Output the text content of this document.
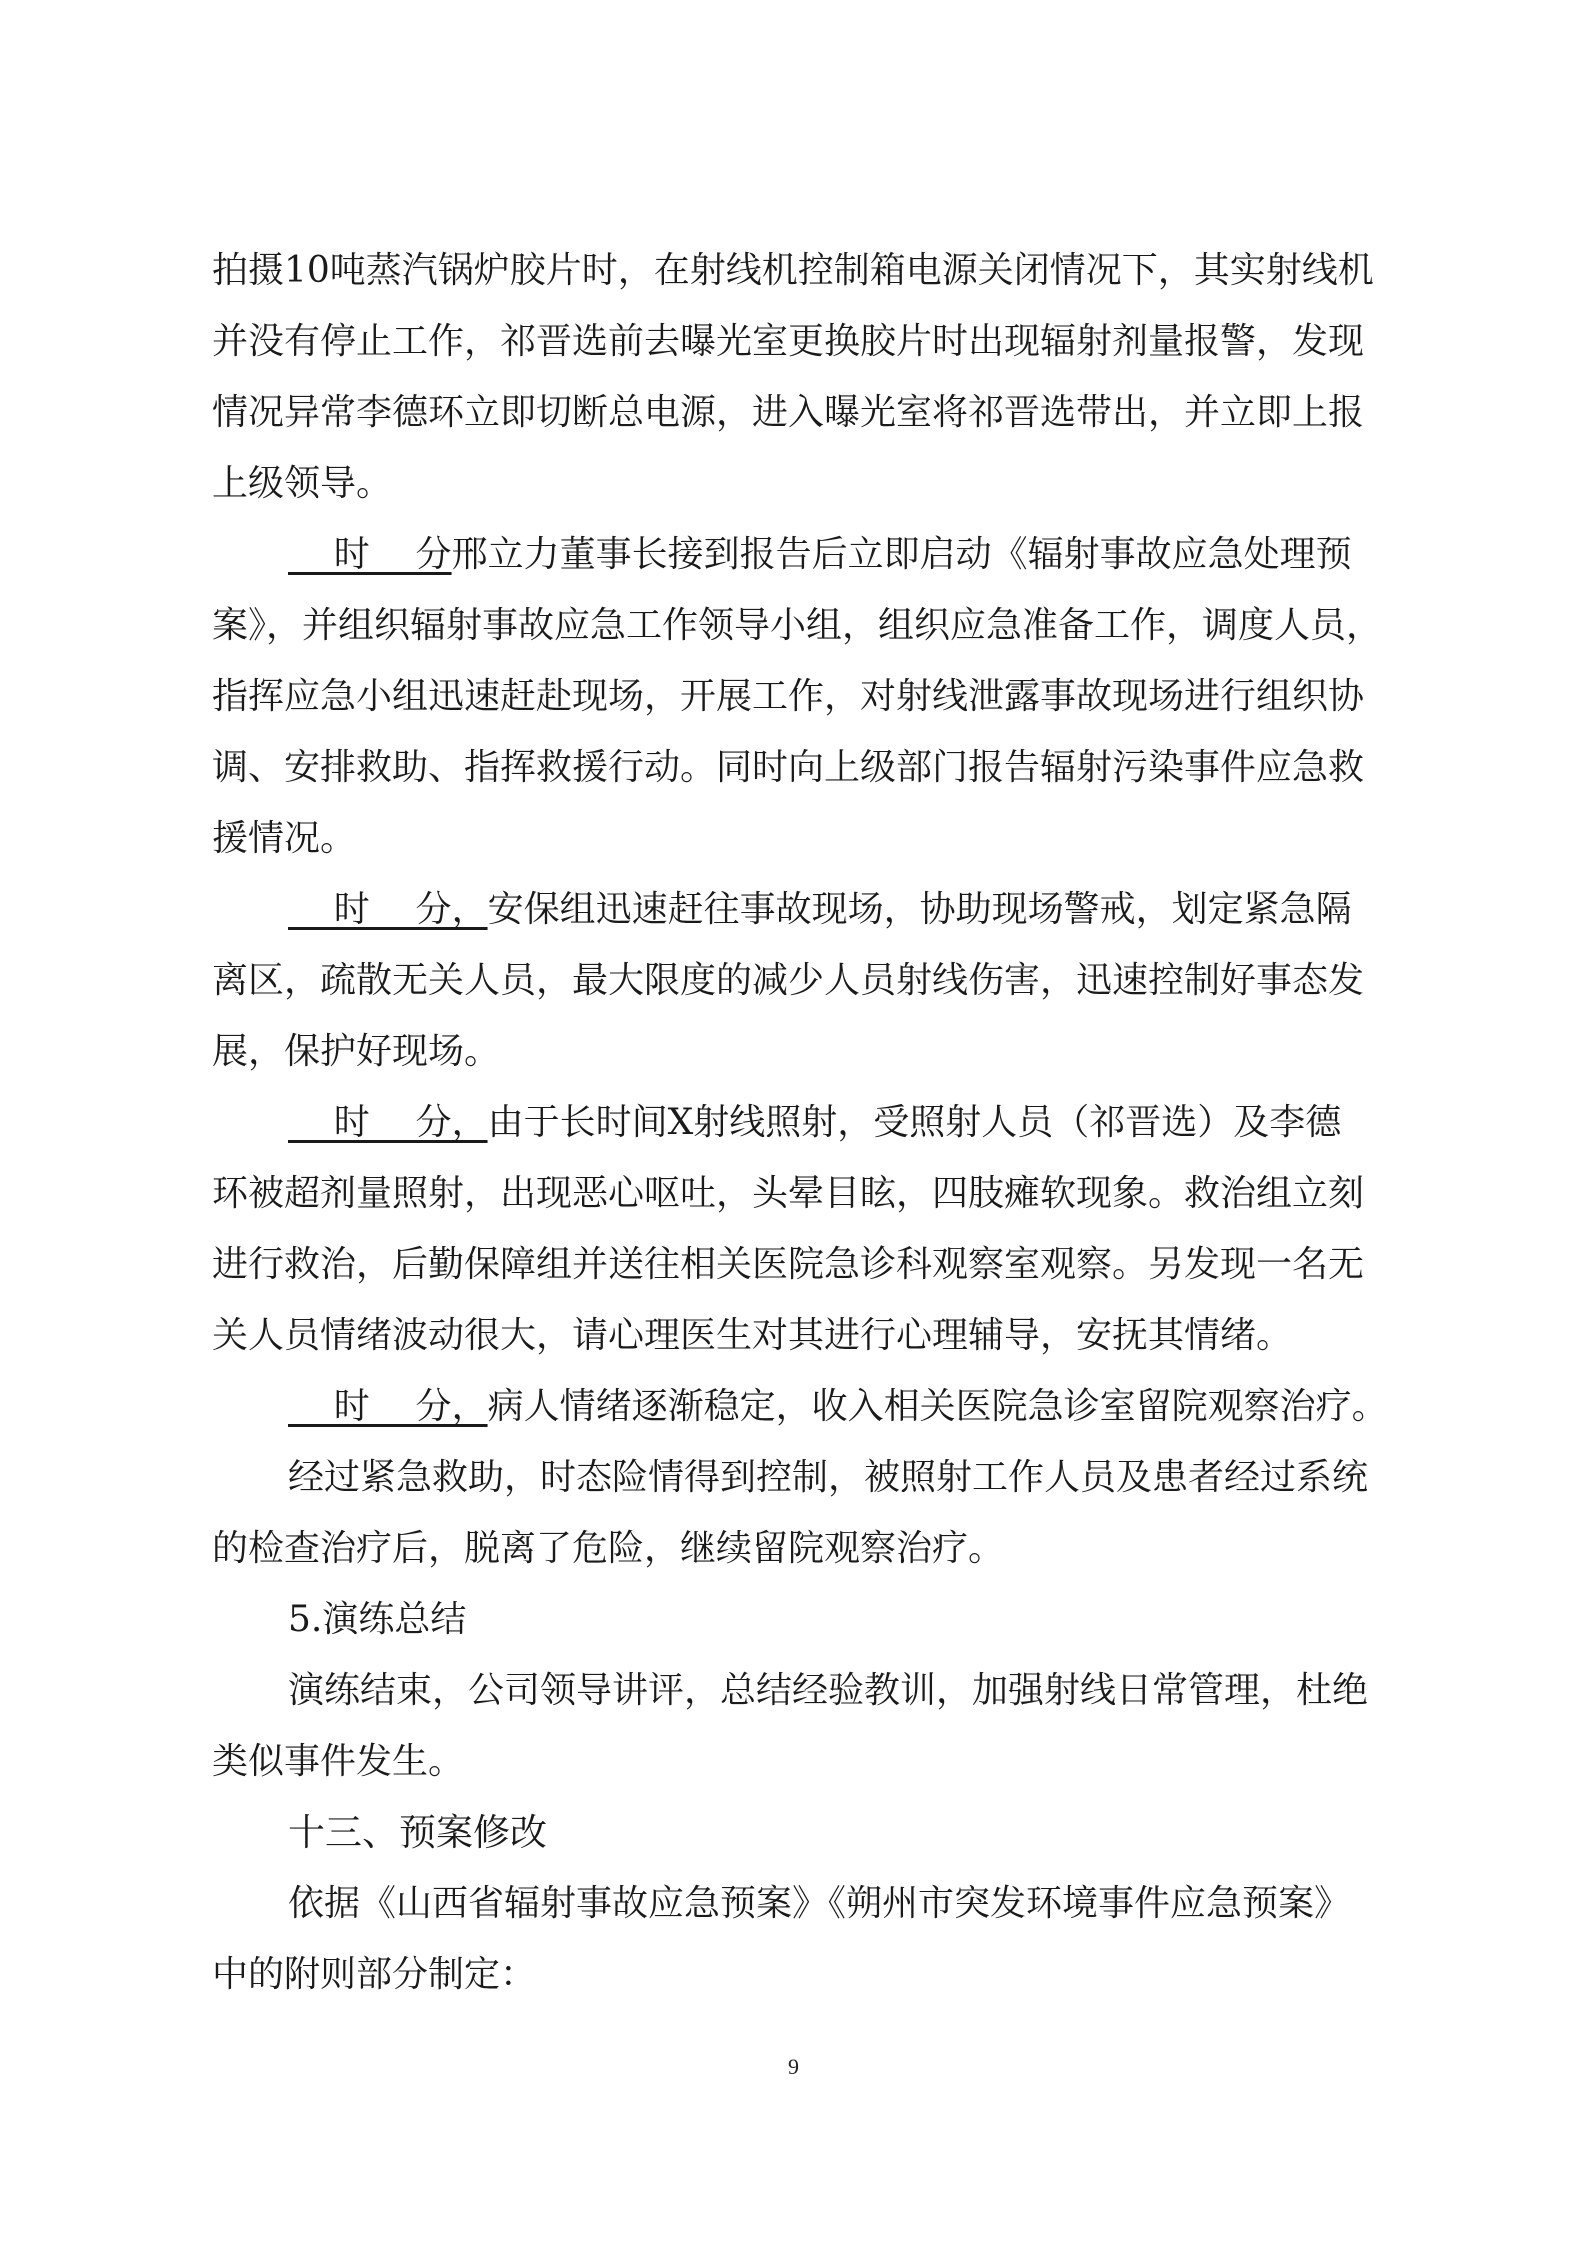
拍摄10吨蒸汽锅炉胶片时，在射线机控制箱电源关闭情况下，其实射线机
并没有停止工作，祁晋选前去曝光室更换胶片时出现辐射剂量报警，发现
情况异常李德环立即切断总电源，进入曝光室将祁晋选带出，并立即上报
上级领导。
时    分邢立力董事长接到报告后立即启动《辐射事故应急处理预
案》，并组织辐射事故应急工作领导小组，组织应急准备工作，调度人员，
指挥应急小组迅速赶赴现场，开展工作，对射线泄露事故现场进行组织协
调、安排救助、指挥救援行动。同时向上级部门报告辐射污染事件应急救
援情况。
时    分，安保组迅速赶往事故现场，协助现场警戒，划定紧急隔
离区，疏散无关人员，最大限度的减少人员射线伤害，迅速控制好事态发
展，保护好现场。
时    分，由于长时间X射线照射，受照射人员（祁晋选）及李德
环被超剂量照射，出现恶心呕吐，头晕目眩，四肢瘫软现象。救治组立刻
进行救治，后勤保障组并送往相关医院急诊科观察室观察。另发现一名无
关人员情绪波动很大，请心理医生对其进行心理辅导，安抚其情绪。
时    分，病人情绪逐渐稳定，收入相关医院急诊室留院观察治疗。
经过紧急救助，时态险情得到控制，被照射工作人员及患者经过系统
的检查治疗后，脱离了危险，继续留院观察治疗。
5.演练总结
演练结束，公司领导讲评，总结经验教训，加强射线日常管理，杜绝
类似事件发生。
十三、预案修改
依据《山西省辐射事故应急预案》《朔州市突发环境事件应急预案》
中的附则部分制定：
9
